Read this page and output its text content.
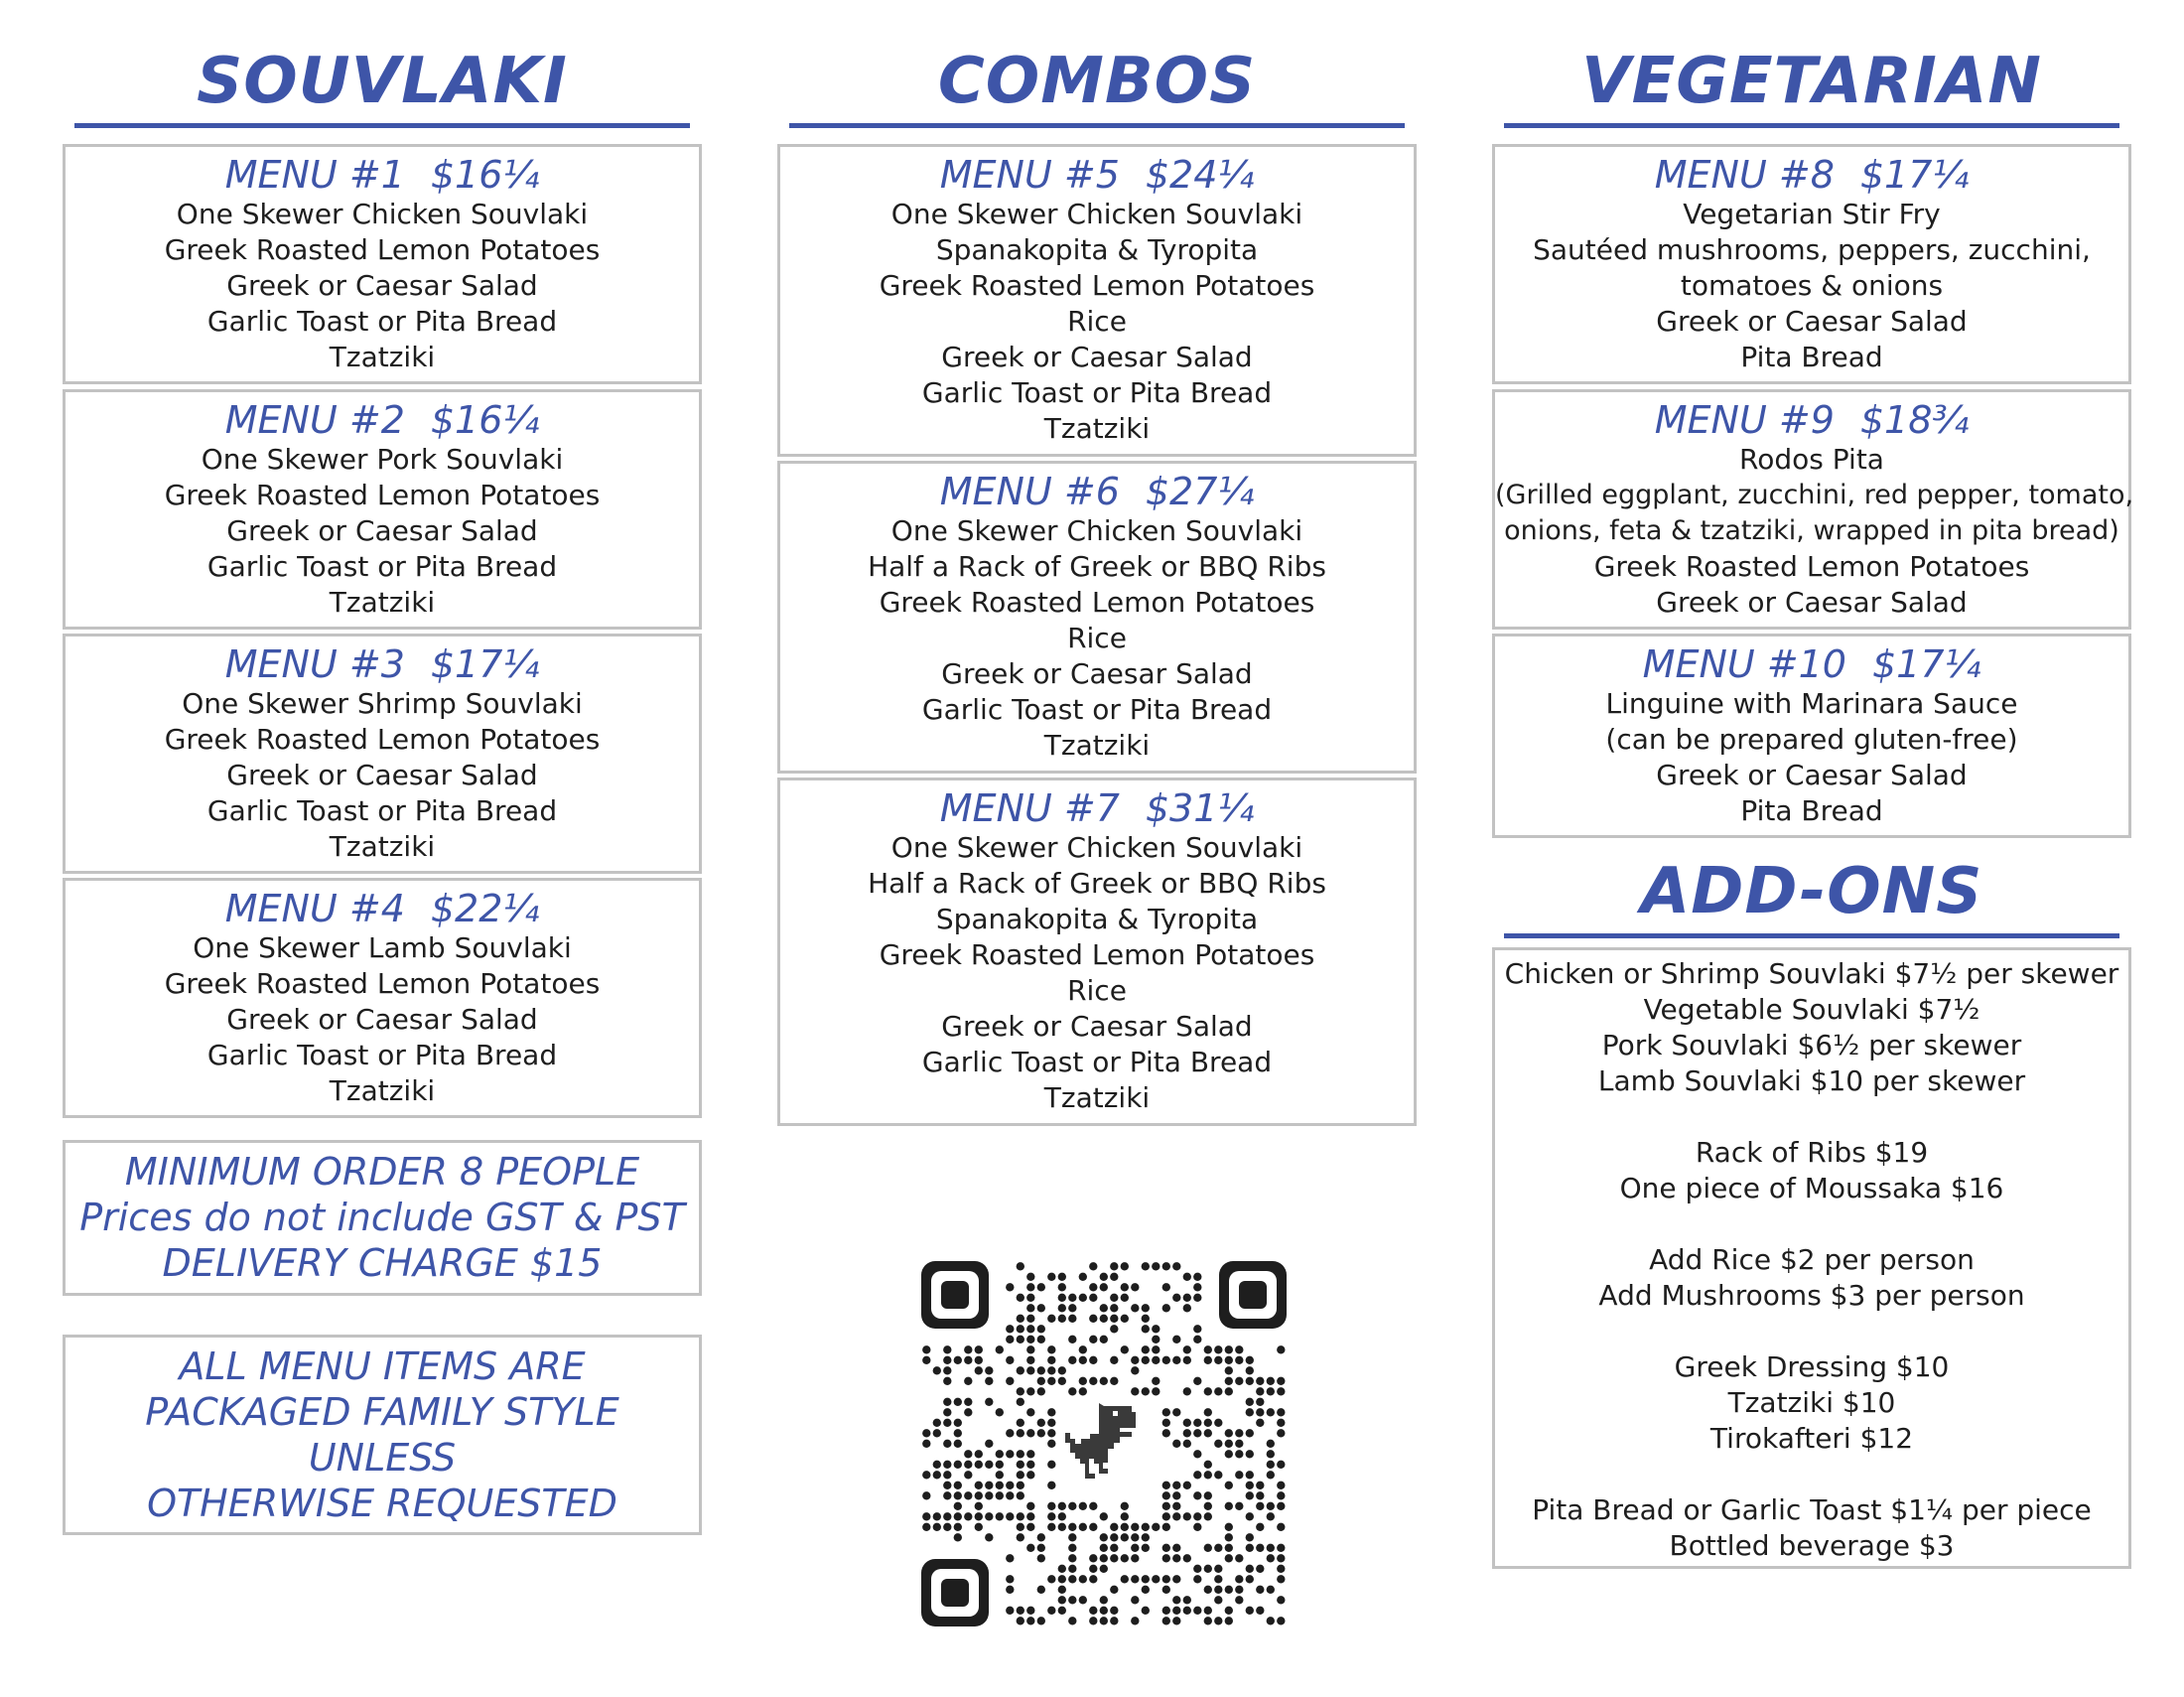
SOUVLAKI
MENU #1 $16¼
One Skewer Chicken Souvlaki
Greek Roasted Lemon Potatoes
Greek or Caesar Salad
Garlic Toast or Pita Bread
Tzatziki
MENU #2 $16¼
One Skewer Pork Souvlaki
Greek Roasted Lemon Potatoes
Greek or Caesar Salad
Garlic Toast or Pita Bread
Tzatziki
MENU #3 $17¼
One Skewer Shrimp Souvlaki
Greek Roasted Lemon Potatoes
Greek or Caesar Salad
Garlic Toast or Pita Bread
Tzatziki
MENU #4 $22¼
One Skewer Lamb Souvlaki
Greek Roasted Lemon Potatoes
Greek or Caesar Salad
Garlic Toast or Pita Bread
Tzatziki
MINIMUM ORDER 8 PEOPLE
Prices do not include GST & PST
DELIVERY CHARGE $15
ALL MENU ITEMS ARE
PACKAGED FAMILY STYLE
UNLESS
OTHERWISE REQUESTED
COMBOS
MENU #5 $24¼
One Skewer Chicken Souvlaki
Spanakopita & Tyropita
Greek Roasted Lemon Potatoes
Rice
Greek or Caesar Salad
Garlic Toast or Pita Bread
Tzatziki
MENU #6 $27¼
One Skewer Chicken Souvlaki
Half a Rack of Greek or BBQ Ribs
Greek Roasted Lemon Potatoes
Rice
Greek or Caesar Salad
Garlic Toast or Pita Bread
Tzatziki
MENU #7 $31¼
One Skewer Chicken Souvlaki
Half a Rack of Greek or BBQ Ribs
Spanakopita & Tyropita
Greek Roasted Lemon Potatoes
Rice
Greek or Caesar Salad
Garlic Toast or Pita Bread
Tzatziki
VEGETARIAN
MENU #8 $17¼
Vegetarian Stir Fry
Sautéed mushrooms, peppers, zucchini,
tomatoes & onions
Greek or Caesar Salad
Pita Bread
MENU #9 $18¾
Rodos Pita
(Grilled eggplant, zucchini, red pepper, tomato,
onions, feta & tzatziki, wrapped in pita bread)
Greek Roasted Lemon Potatoes
Greek or Caesar Salad
MENU #10 $17¼
Linguine with Marinara Sauce
(can be prepared gluten-free)
Greek or Caesar Salad
Pita Bread
ADD-ONS
Chicken or Shrimp Souvlaki $7½ per skewer
Vegetable Souvlaki $7½
Pork Souvlaki $6½ per skewer
Lamb Souvlaki $10 per skewer
Rack of Ribs $19
One piece of Moussaka $16
Add Rice $2 per person
Add Mushrooms $3 per person
Greek Dressing $10
Tzatziki $10
Tirokafteri $12
Pita Bread or Garlic Toast $1¼ per piece
Bottled beverage $3
